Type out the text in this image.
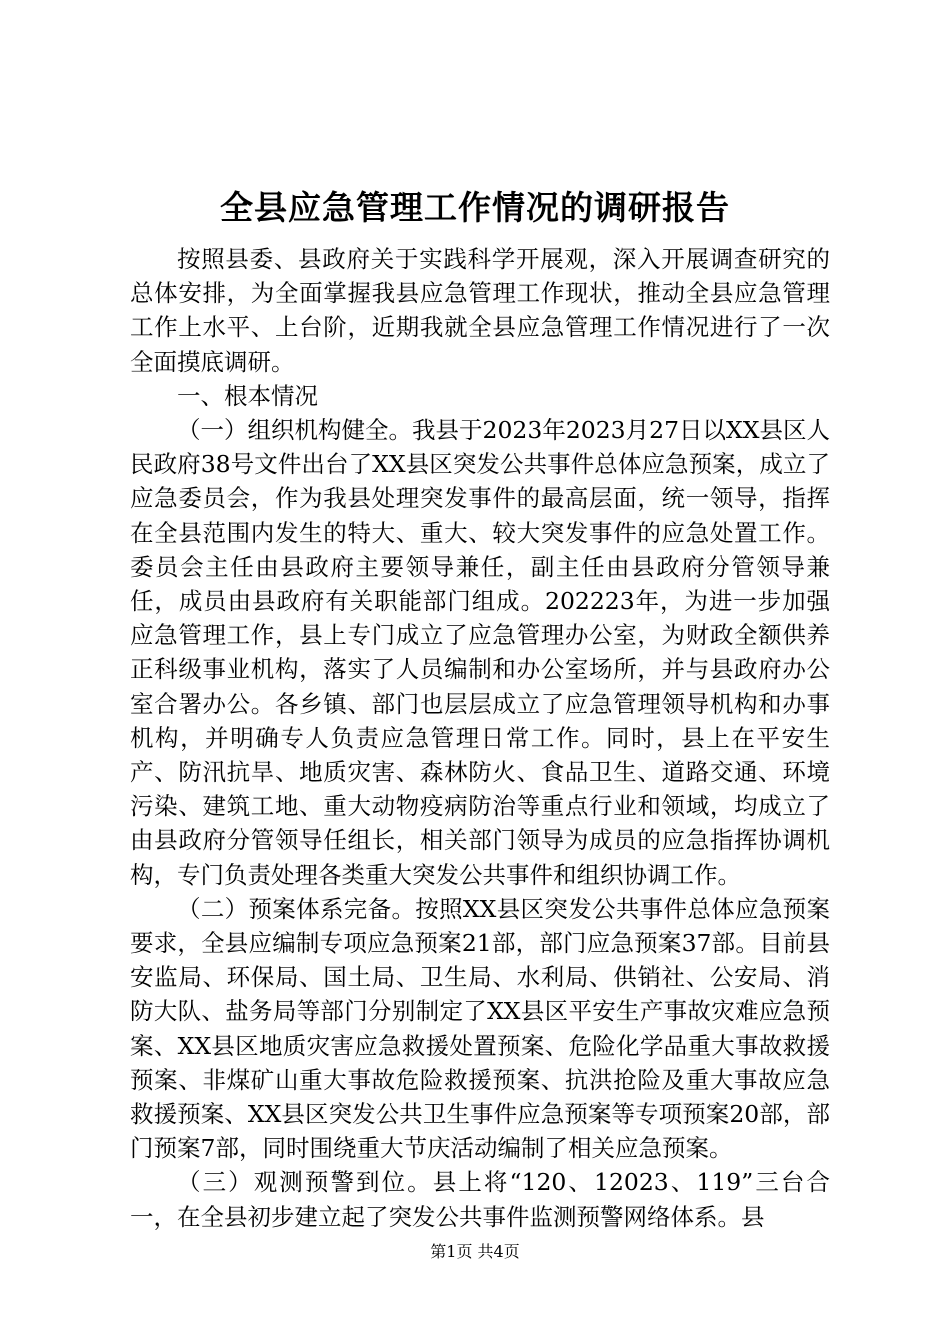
全县应急管理工作情况的调研报告

按照县委、县政府关于实践科学开展观，深入开展调查研究的总体安排，为全面掌握我县应急管理工作现状，推动全县应急管理工作上水平、上台阶，近期我就全县应急管理工作情况进行了一次全面摸底调研。

一、根本情况

（一）组织机构健全。我县于2023年2023月27日以XX县区人民政府38号文件出台了XX县区突发公共事件总体应急预案，成立了应急委员会，作为我县处理突发事件的最高层面，统一领导，指挥在全县范围内发生的特大、重大、较大突发事件的应急处置工作。委员会主任由县政府主要领导兼任，副主任由县政府分管领导兼任，成员由县政府有关职能部门组成。202223年，为进一步加强应急管理工作，县上专门成立了应急管理办公室，为财政全额供养正科级事业机构，落实了人员编制和办公室场所，并与县政府办公室合署办公。各乡镇、部门也层层成立了应急管理领导机构和办事机构，并明确专人负责应急管理日常工作。同时，县上在平安生产、防汛抗旱、地质灾害、森林防火、食品卫生、道路交通、环境污染、建筑工地、重大动物疫病防治等重点行业和领域，均成立了由县政府分管领导任组长，相关部门领导为成员的应急指挥协调机构，专门负责处理各类重大突发公共事件和组织协调工作。

（二）预案体系完备。按照XX县区突发公共事件总体应急预案要求，全县应编制专项应急预案21部，部门应急预案37部。目前县安监局、环保局、国土局、卫生局、水利局、供销社、公安局、消防大队、盐务局等部门分别制定了XX县区平安生产事故灾难应急预案、XX县区地质灾害应急救援处置预案、危险化学品重大事故救援预案、非煤矿山重大事故危险救援预案、抗洪抢险及重大事故应急救援预案、XX县区突发公共卫生事件应急预案等专项预案20部，部门预案7部，同时围绕重大节庆活动编制了相关应急预案。

（三）观测预警到位。县上将“120、12023、119”三台合一，在全县初步建立起了突发公共事件监测预警网络体系。县

第1页 共4页
